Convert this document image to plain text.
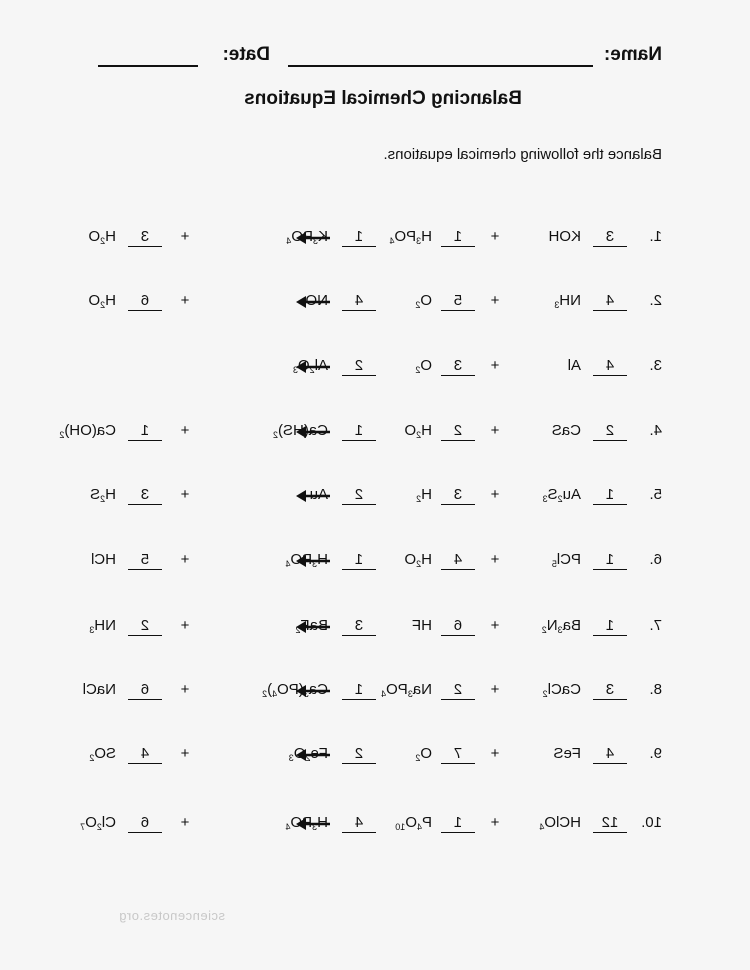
Name:
Date:
Balancing Chemical Equations
Balance the following chemical equations.
1.
3
KOH
+
1
$H_3PO_4$
1
$K_3PO_4$
+
3
$H_2O$
2.
4
$NH_3$
+
5
$O_2$
4
NO
+
6
$H_2O$
3.
4
Al
+
3
$O_2$
2
$Al_2O_3$
4.
2
CaS
+
2
$H_2O$
1
$Ca(HS)_2$
+
1
$Ca(OH)_2$
5.
1
$Au_2S_3$
+
3
$H_2$
2
Au
+
3
$H_2S$
6.
1
PCl$_5$
+
4
$H_2O$
1
$H_3PO_4$
+
5
HCl
7.
1
$Ba_3N_2$
+
6
HF
3
BaF$_2$
+
2
$NH_3$
8.
3
CaCl$_2$
+
2
$Na_3PO_4$
1
$Ca_3(PO_4)_2$
+
6
NaCl
9.
4
FeS
+
7
$O_2$
2
$Fe_2O_3$
+
4
$SO_2$
10.
12
HClO$_4$
+
1
$P_4O_{10}$
4
$H_3PO_4$
+
6
$Cl_2O_7$
sciencenotes.org
